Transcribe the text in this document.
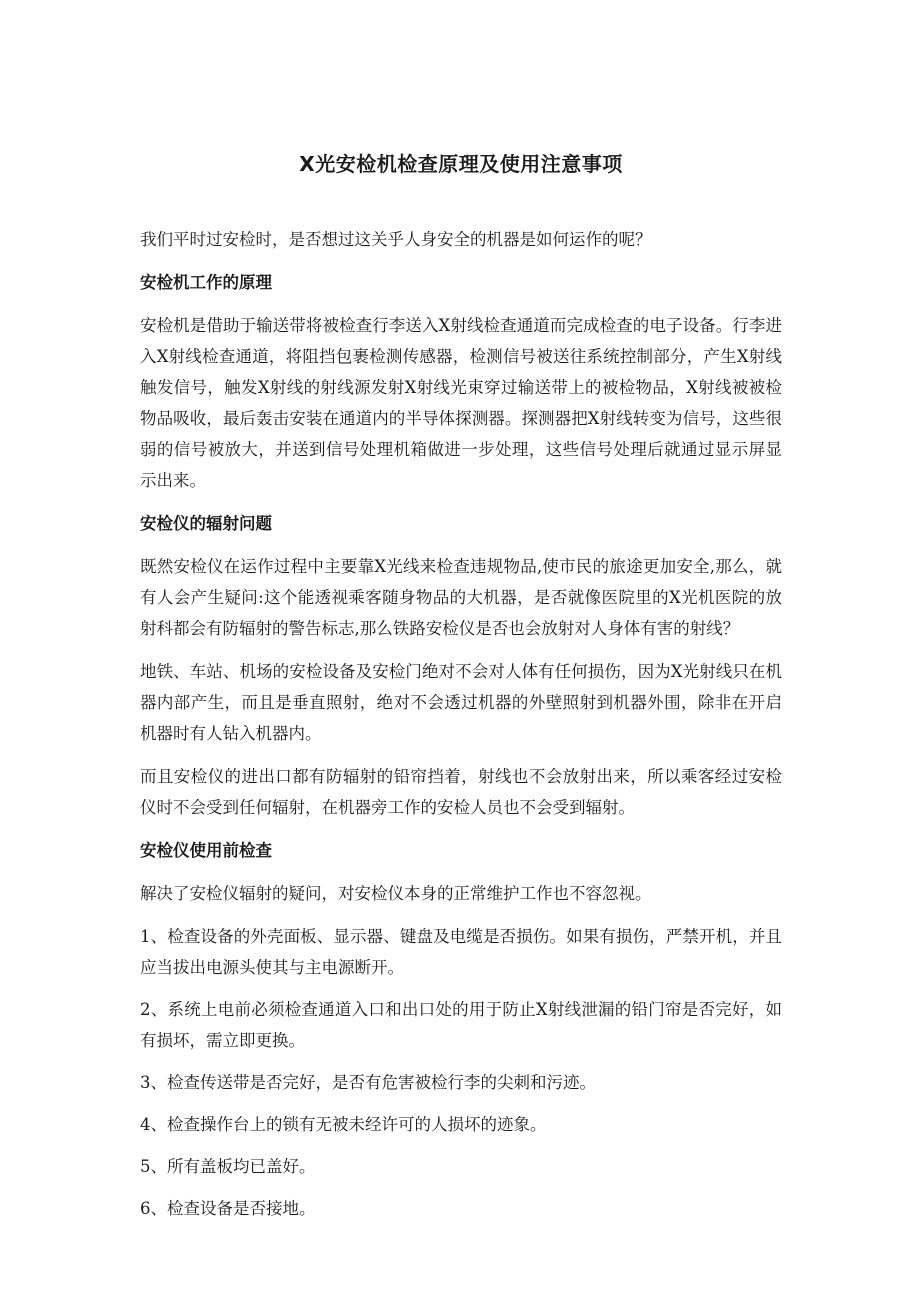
X光安检机检查原理及使用注意事项

我们平时过安检时，是否想过这关乎人身安全的机器是如何运作的呢？

安检机工作的原理

安检机是借助于输送带将被检查行李送入X射线检查通道而完成检查的电子设备。行李进入X射线检查通道，将阻挡包裹检测传感器，检测信号被送往系统控制部分，产生X射线触发信号，触发X射线的射线源发射X射线光束穿过输送带上的被检物品，X射线被被检物品吸收，最后轰击安装在通道内的半导体探测器。探测器把X射线转变为信号，这些很弱的信号被放大，并送到信号处理机箱做进一步处理，这些信号处理后就通过显示屏显示出来。

安检仪的辐射问题

既然安检仪在运作过程中主要靠X光线来检查违规物品,使市民的旅途更加安全,那么，就有人会产生疑问:这个能透视乘客随身物品的大机器，是否就像医院里的X光机医院的放射科都会有防辐射的警告标志,那么铁路安检仪是否也会放射对人身体有害的射线？

地铁、车站、机场的安检设备及安检门绝对不会对人体有任何损伤，因为X光射线只在机器内部产生，而且是垂直照射，绝对不会透过机器的外壁照射到机器外围，除非在开启机器时有人钻入机器内。

而且安检仪的进出口都有防辐射的铅帘挡着，射线也不会放射出来，所以乘客经过安检仪时不会受到任何辐射，在机器旁工作的安检人员也不会受到辐射。

安检仪使用前检查

解决了安检仪辐射的疑问，对安检仪本身的正常维护工作也不容忽视。

1、检查设备的外壳面板、显示器、键盘及电缆是否损伤。如果有损伤，严禁开机，并且应当拔出电源头使其与主电源断开。

2、系统上电前必须检查通道入口和出口处的用于防止X射线泄漏的铅门帘是否完好，如有损坏，需立即更换。

3、检查传送带是否完好，是否有危害被检行李的尖刺和污迹。

4、检查操作台上的锁有无被未经许可的人损坏的迹象。

5、所有盖板均已盖好。

6、检查设备是否接地。
